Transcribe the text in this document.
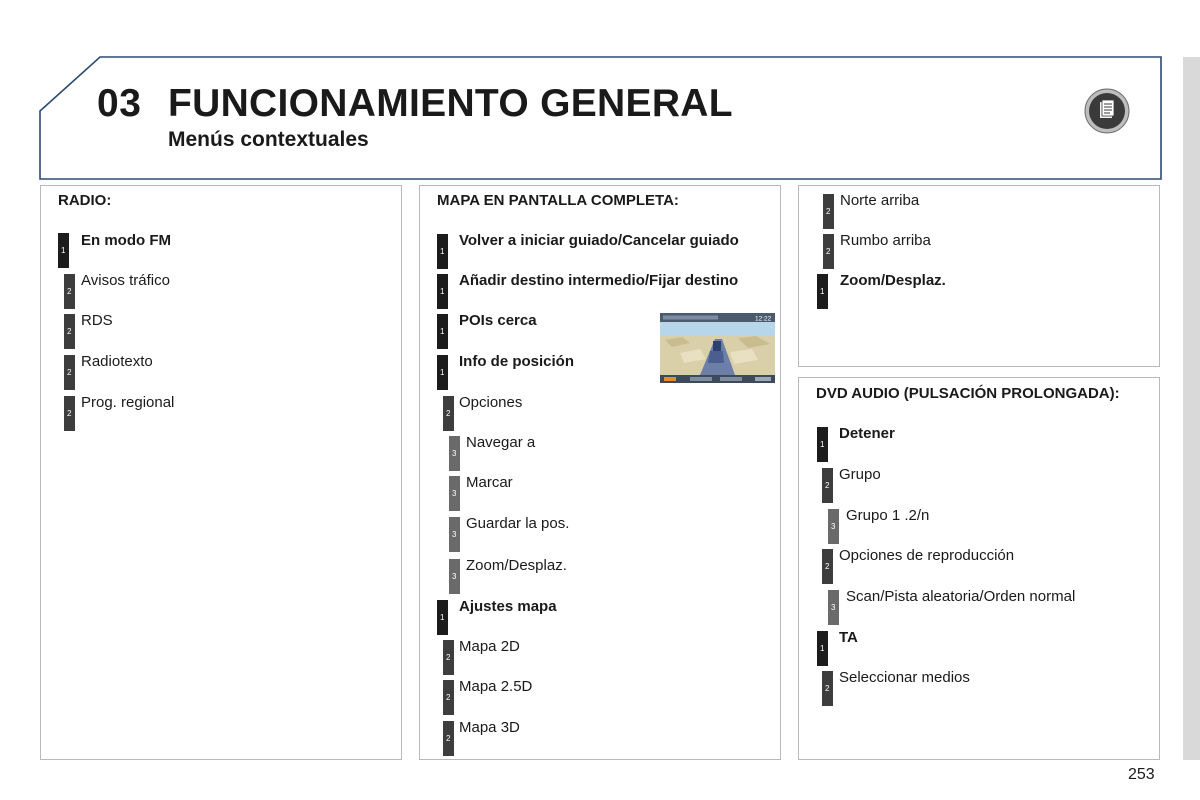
03 FUNCIONAMIENTO GENERAL
Menús contextuales
RADIO:
1
En modo FM
2
Avisos tráfico
2
RDS
2
Radiotexto
2
Prog. regional
MAPA EN PANTALLA COMPLETA:
1
Volver a iniciar guiado/Cancelar guiado
1
Añadir destino intermedio/Fijar destino
1
POIs cerca
1
Info de posición
2
Opciones
3
Navegar a
3
Marcar
3
Guardar la pos.
3
Zoom/Desplaz.
1
Ajustes mapa
2
Mapa 2D
2
Mapa 2.5D
2
Mapa 3D
12:22
2
Norte arriba
2
Rumbo arriba
1
Zoom/Desplaz.
DVD AUDIO (PULSACIÓN PROLONGADA):
1
Detener
2
Grupo
3
Grupo 1 .2/n
2
Opciones de reproducción
3
Scan/Pista aleatoria/Orden normal
1
TA
2
Seleccionar medios
253
